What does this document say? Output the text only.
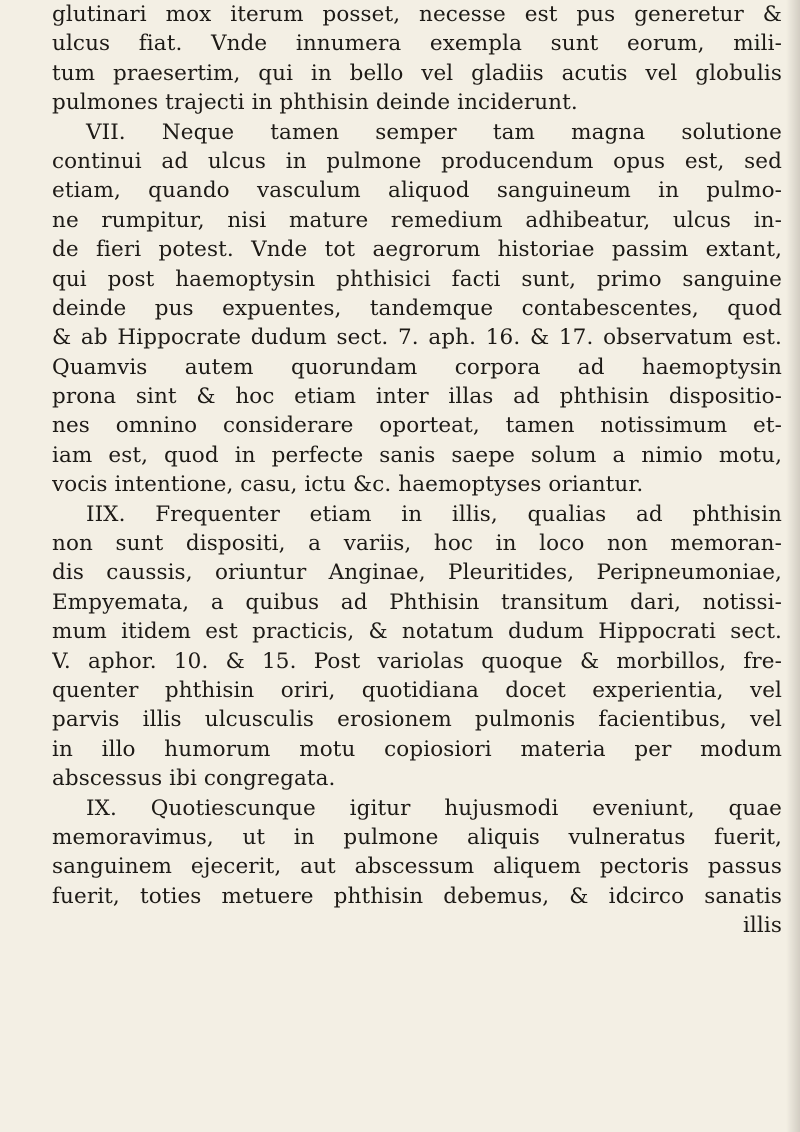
glutinari mox iterum posset, necesse est pus generetur &
ulcus fiat. Vnde innumera exempla sunt eorum, mili-
tum praesertim, qui in bello vel gladiis acutis vel globulis
pulmones trajecti in phthisin deinde inciderunt.
VII. Neque tamen semper tam magna solutione
continui ad ulcus in pulmone producendum opus est, sed
etiam, quando vasculum aliquod sanguineum in pulmo-
ne rumpitur, nisi mature remedium adhibeatur, ulcus in-
de fieri potest. Vnde tot aegrorum historiae passim extant,
qui post haemoptysin phthisici facti sunt, primo sanguine
deinde pus expuentes, tandemque contabescentes, quod
& ab Hippocrate dudum sect. 7. aph. 16. & 17. observatum est.
Quamvis autem quorundam corpora ad haemoptysin
prona sint & hoc etiam inter illas ad phthisin dispositio-
nes omnino considerare oporteat, tamen notissimum et-
iam est, quod in perfecte sanis saepe solum a nimio motu,
vocis intentione, casu, ictu &c. haemoptyses oriantur.
IIX. Frequenter etiam in illis, qualias ad phthisin
non sunt dispositi, a variis, hoc in loco non memoran-
dis caussis, oriuntur Anginae, Pleuritides, Peripneumoniae,
Empyemata, a quibus ad Phthisin transitum dari, notissi-
mum itidem est practicis, & notatum dudum Hippocrati sect.
V. aphor. 10. & 15. Post variolas quoque & morbillos, fre-
quenter phthisin oriri, quotidiana docet experientia, vel
parvis illis ulcusculis erosionem pulmonis facientibus, vel
in illo humorum motu copiosiori materia per modum
abscessus ibi congregata.
IX. Quotiescunque igitur hujusmodi eveniunt, quae
memoravimus, ut in pulmone aliquis vulneratus fuerit,
sanguinem ejecerit, aut abscessum aliquem pectoris passus
fuerit, toties metuere phthisin debemus, & idcirco sanatis
illis
